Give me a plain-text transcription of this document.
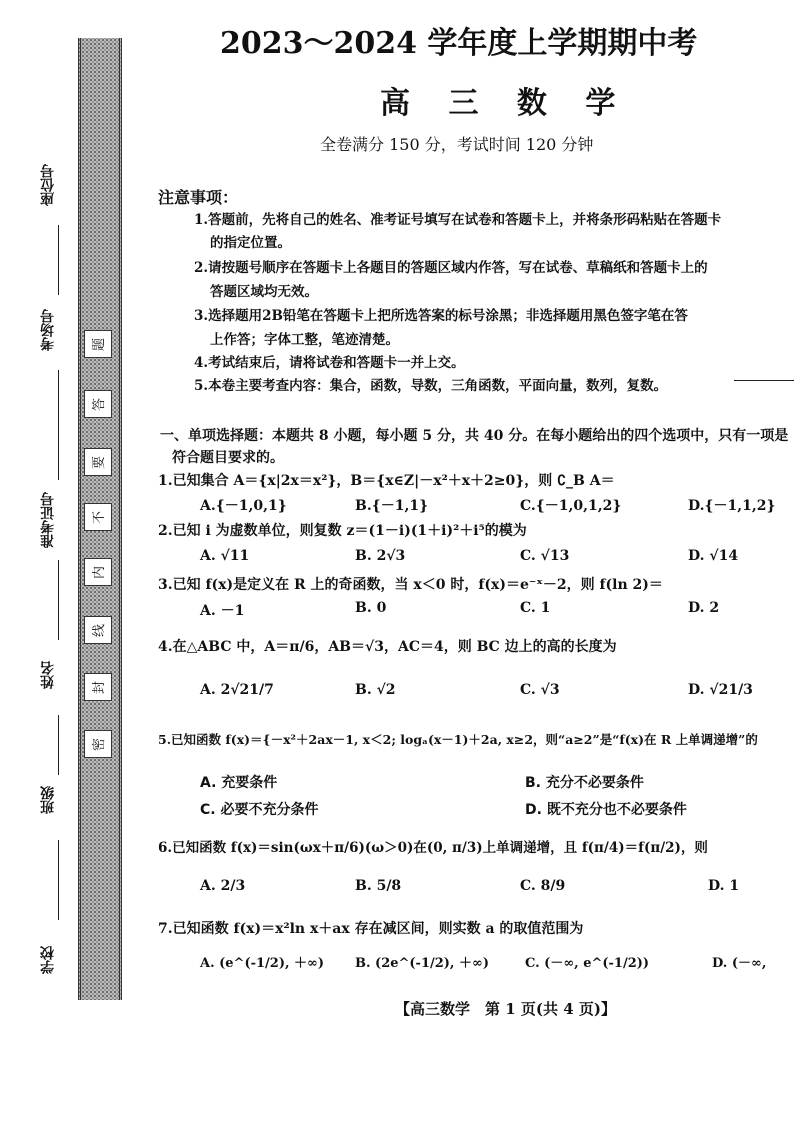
座位号
考场号
准考证号
姓名
班级
学校
题
答
要
不
内
线
封
密
2023～2024 学年度上学期期中考
高 三 数 学
全卷满分 150 分，考试时间 120 分钟
注意事项：
1.答题前，先将自己的姓名、准考证号填写在试卷和答题卡上，并将条形码粘贴在答题卡
的指定位置。
2.请按题号顺序在答题卡上各题目的答题区域内作答，写在试卷、草稿纸和答题卡上的
答题区域均无效。
3.选择题用2B铅笔在答题卡上把所选答案的标号涂黑；非选择题用黑色签字笔在答
上作答；字体工整，笔迹清楚。
4.考试结束后，请将试卷和答题卡一并上交。
5.本卷主要考查内容：集合，函数，导数，三角函数，平面向量，数列，复数。
一、单项选择题：本题共 8 小题，每小题 5 分，共 40 分。在每小题给出的四个选项中，只有一项是
符合题目要求的。
1.已知集合 A＝{x|2x＝x²}，B＝{x∈Z|－x²＋x＋2≥0}，则 ∁_B A＝
A.{－1,0,1}	B.{－1,1}	C.{－1,0,1,2}	D.{－1,1,2}
2.已知 i 为虚数单位，则复数 z＝(1－i)(1＋i)²＋i⁵的模为
A. √11	B. 2√3	C. √13	D. √14
3.已知 f(x)是定义在 R 上的奇函数，当 x＜0 时，f(x)＝e⁻ˣ－2，则 f(ln 2)＝
A. －1	B. 0	C. 1	D. 2
4.在△ABC 中，A＝π/6，AB＝√3，AC＝4，则 BC 边上的高的长度为
A. 2√21/7	B. √2	C. √3	D. √21/3
5.已知函数 f(x)＝{－x²＋2ax－1, x＜2; logₐ(x－1)＋2a, x≥2，则“a≥2”是“f(x)在 R 上单调递增”的
A. 充要条件	B. 充分不必要条件
C. 必要不充分条件	D. 既不充分也不必要条件
6.已知函数 f(x)＝sin(ωx＋π/6)(ω＞0)在(0, π/3)上单调递增，且 f(π/4)＝f(π/2)，则
A. 2/3	B. 5/8	C. 8/9	D. 1
7.已知函数 f(x)＝x²ln x＋ax 存在减区间，则实数 a 的取值范围为
A. (e^(-1/2), ＋∞) B. (2e^(-1/2), ＋∞)	C. (－∞, e^(-1/2))	D. (－∞,
【高三数学　第 1 页(共 4 页)】
